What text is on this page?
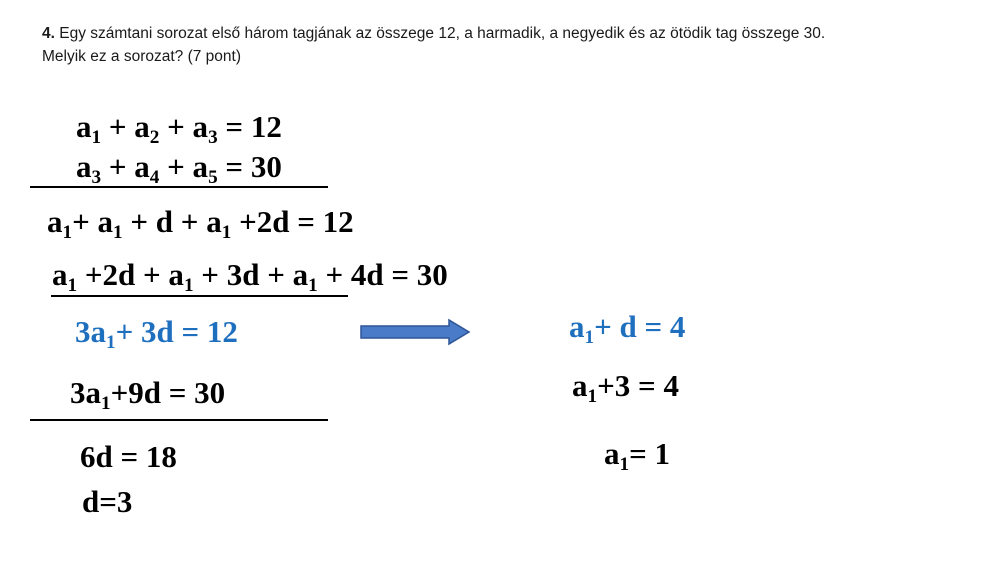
4. Egy számtani sorozat első három tagjának az összege 12, a harmadik, a negyedik és az ötödik tag összege 30.
Melyik ez a sorozat? (7 pont)
a1 + a2 + a3 = 12
a3 + a4 + a5 = 30
a1+ a1 + d + a1 +2d = 12
a1 +2d + a1 + 3d + a1 + 4d = 30
3a1+ 3d = 12
3a1+9d = 30
6d = 18
d=3
a1+ d = 4
a1+3 = 4
a1= 1
